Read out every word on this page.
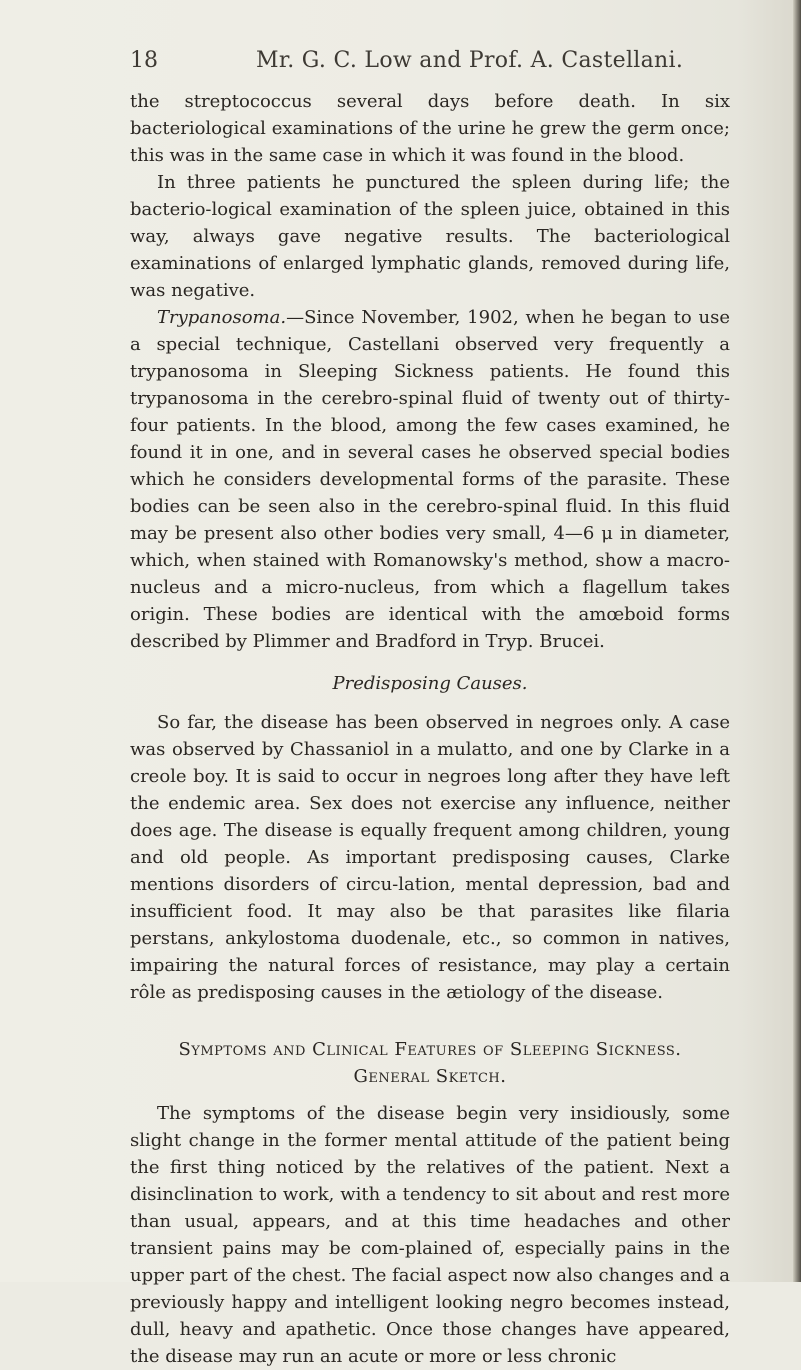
18	Mr. G. C. Low and Prof. A. Castellani.

the streptococcus several days before death. In six bacteriological examinations of the urine he grew the germ once; this was in the same case in which it was found in the blood.

In three patients he punctured the spleen during life; the bacterio-logical examination of the spleen juice, obtained in this way, always gave negative results. The bacteriological examinations of enlarged lymphatic glands, removed during life, was negative.

Trypanosoma.—Since November, 1902, when he began to use a special technique, Castellani observed very frequently a trypanosoma in Sleeping Sickness patients. He found this trypanosoma in the cerebro-spinal fluid of twenty out of thirty-four patients. In the blood, among the few cases examined, he found it in one, and in several cases he observed special bodies which he considers developmental forms of the parasite. These bodies can be seen also in the cerebro-spinal fluid. In this fluid may be present also other bodies very small, 4—6 μ in diameter, which, when stained with Romanowsky's method, show a macro-nucleus and a micro-nucleus, from which a flagellum takes origin. These bodies are identical with the amœboid forms described by Plimmer and Bradford in Tryp. Brucei.

Predisposing Causes.

So far, the disease has been observed in negroes only. A case was observed by Chassaniol in a mulatto, and one by Clarke in a creole boy. It is said to occur in negroes long after they have left the endemic area. Sex does not exercise any influence, neither does age. The disease is equally frequent among children, young and old people. As important predisposing causes, Clarke mentions disorders of circu-lation, mental depression, bad and insufficient food. It may also be that parasites like filaria perstans, ankylostoma duodenale, etc., so common in natives, impairing the natural forces of resistance, may play a certain rôle as predisposing causes in the ætiology of the disease.

Symptoms and Clinical Features of Sleeping Sickness.
General Sketch.

The symptoms of the disease begin very insidiously, some slight change in the former mental attitude of the patient being the first thing noticed by the relatives of the patient. Next a disinclination to work, with a tendency to sit about and rest more than usual, appears, and at this time headaches and other transient pains may be com-plained of, especially pains in the upper part of the chest. The facial aspect now also changes and a previously happy and intelligent looking negro becomes instead, dull, heavy and apathetic. Once those changes have appeared, the disease may run an acute or more or less chronic
